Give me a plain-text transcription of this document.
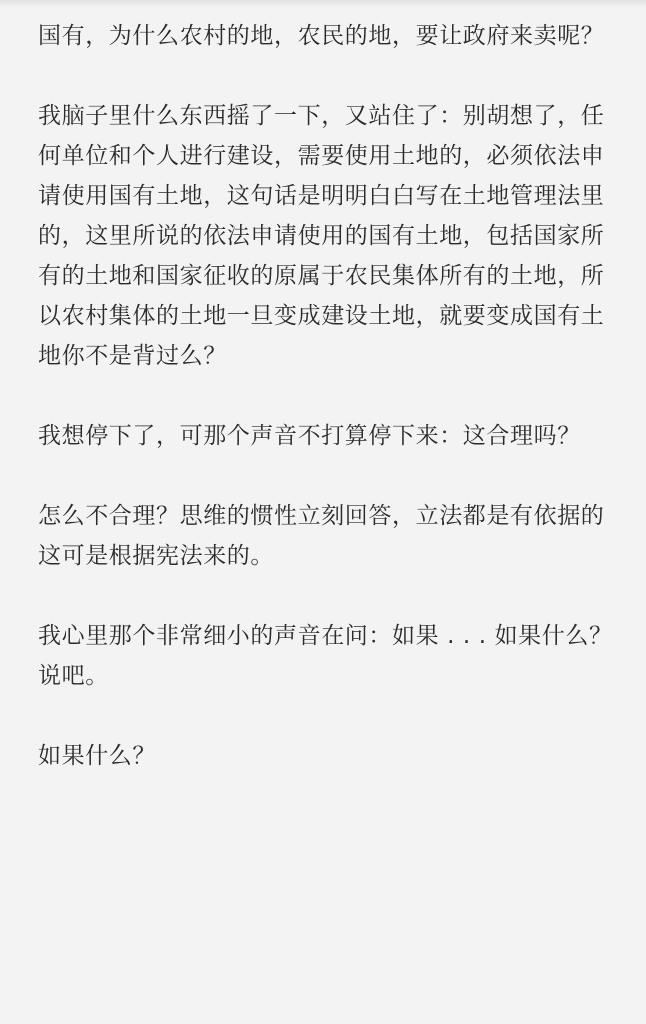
国有，为什么农村的地，农民的地，要让政府来卖呢？

我脑子里什么东西摇了一下，又站住了：别胡想了，任何单位和个人进行建设，需要使用土地的，必须依法申请使用国有土地，这句话是明明白白写在土地管理法里的，这里所说的依法申请使用的国有土地，包括国家所有的土地和国家征收的原属于农民集体所有的土地，所以农村集体的土地一旦变成建设土地，就要变成国有土地你不是背过么？

我想停下了，可那个声音不打算停下来：这合理吗？

怎么不合理？思维的惯性立刻回答，立法都是有依据的这可是根据宪法来的。

我心里那个非常细小的声音在问：如果 . . . 如果什么？说吧。

如果什么？
